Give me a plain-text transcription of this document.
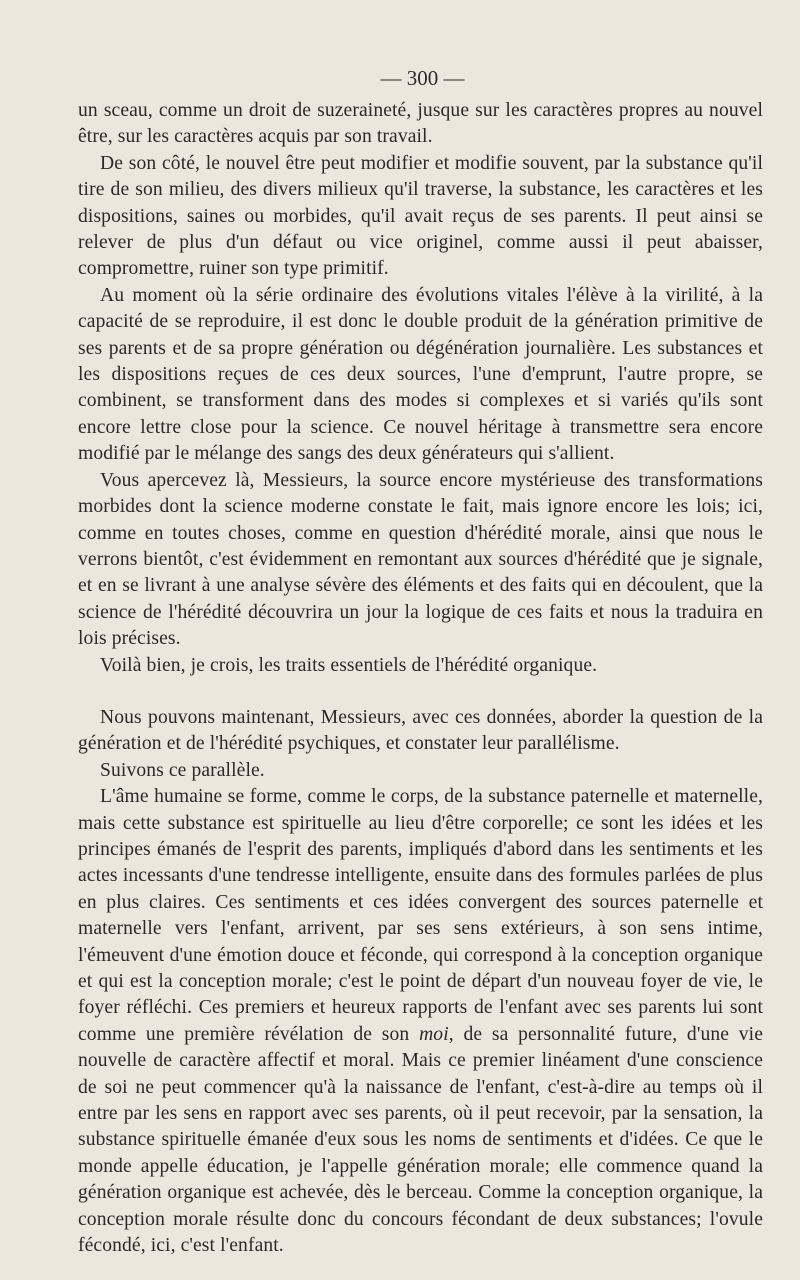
— 300 —

un sceau, comme un droit de suzeraineté, jusque sur les caractères propres au nouvel être, sur les caractères acquis par son travail.

De son côté, le nouvel être peut modifier et modifie souvent, par la substance qu'il tire de son milieu, des divers milieux qu'il traverse, la substance, les caractères et les dispositions, saines ou morbides, qu'il avait reçus de ses parents. Il peut ainsi se relever de plus d'un défaut ou vice originel, comme aussi il peut abaisser, compromettre, ruiner son type primitif.

Au moment où la série ordinaire des évolutions vitales l'élève à la virilité, à la capacité de se reproduire, il est donc le double produit de la génération primitive de ses parents et de sa propre génération ou dégénération journalière. Les substances et les dispositions reçues de ces deux sources, l'une d'emprunt, l'autre propre, se combinent, se transforment dans des modes si complexes et si variés qu'ils sont encore lettre close pour la science. Ce nouvel héritage à transmettre sera encore modifié par le mélange des sangs des deux générateurs qui s'allient.

Vous apercevez là, Messieurs, la source encore mystérieuse des transformations morbides dont la science moderne constate le fait, mais ignore encore les lois; ici, comme en toutes choses, comme en question d'hérédité morale, ainsi que nous le verrons bientôt, c'est évidemment en remontant aux sources d'hérédité que je signale, et en se livrant à une analyse sévère des éléments et des faits qui en découlent, que la science de l'hérédité découvrira un jour la logique de ces faits et nous la traduira en lois précises.

Voilà bien, je crois, les traits essentiels de l'hérédité organique.

Nous pouvons maintenant, Messieurs, avec ces données, aborder la question de la génération et de l'hérédité psychiques, et constater leur parallélisme.

Suivons ce parallèle.

L'âme humaine se forme, comme le corps, de la substance paternelle et maternelle, mais cette substance est spirituelle au lieu d'être corporelle; ce sont les idées et les principes émanés de l'esprit des parents, impliqués d'abord dans les sentiments et les actes incessants d'une tendresse intelligente, ensuite dans des formules parlées de plus en plus claires. Ces sentiments et ces idées convergent des sources paternelle et maternelle vers l'enfant, arrivent, par ses sens extérieurs, à son sens intime, l'émeuvent d'une émotion douce et féconde, qui correspond à la conception organique et qui est la conception morale; c'est le point de départ d'un nouveau foyer de vie, le foyer réfléchi. Ces premiers et heureux rapports de l'enfant avec ses parents lui sont comme une première révélation de son moi, de sa personnalité future, d'une vie nouvelle de caractère affectif et moral. Mais ce premier linéament d'une conscience de soi ne peut commencer qu'à la naissance de l'enfant, c'est-à-dire au temps où il entre par les sens en rapport avec ses parents, où il peut recevoir, par la sensation, la substance spirituelle émanée d'eux sous les noms de sentiments et d'idées. Ce que le monde appelle éducation, je l'appelle génération morale; elle commence quand la génération organique est achevée, dès le berceau. Comme la conception organique, la conception morale résulte donc du concours fécondant de deux substances; l'ovule fécondé, ici, c'est l'enfant.
